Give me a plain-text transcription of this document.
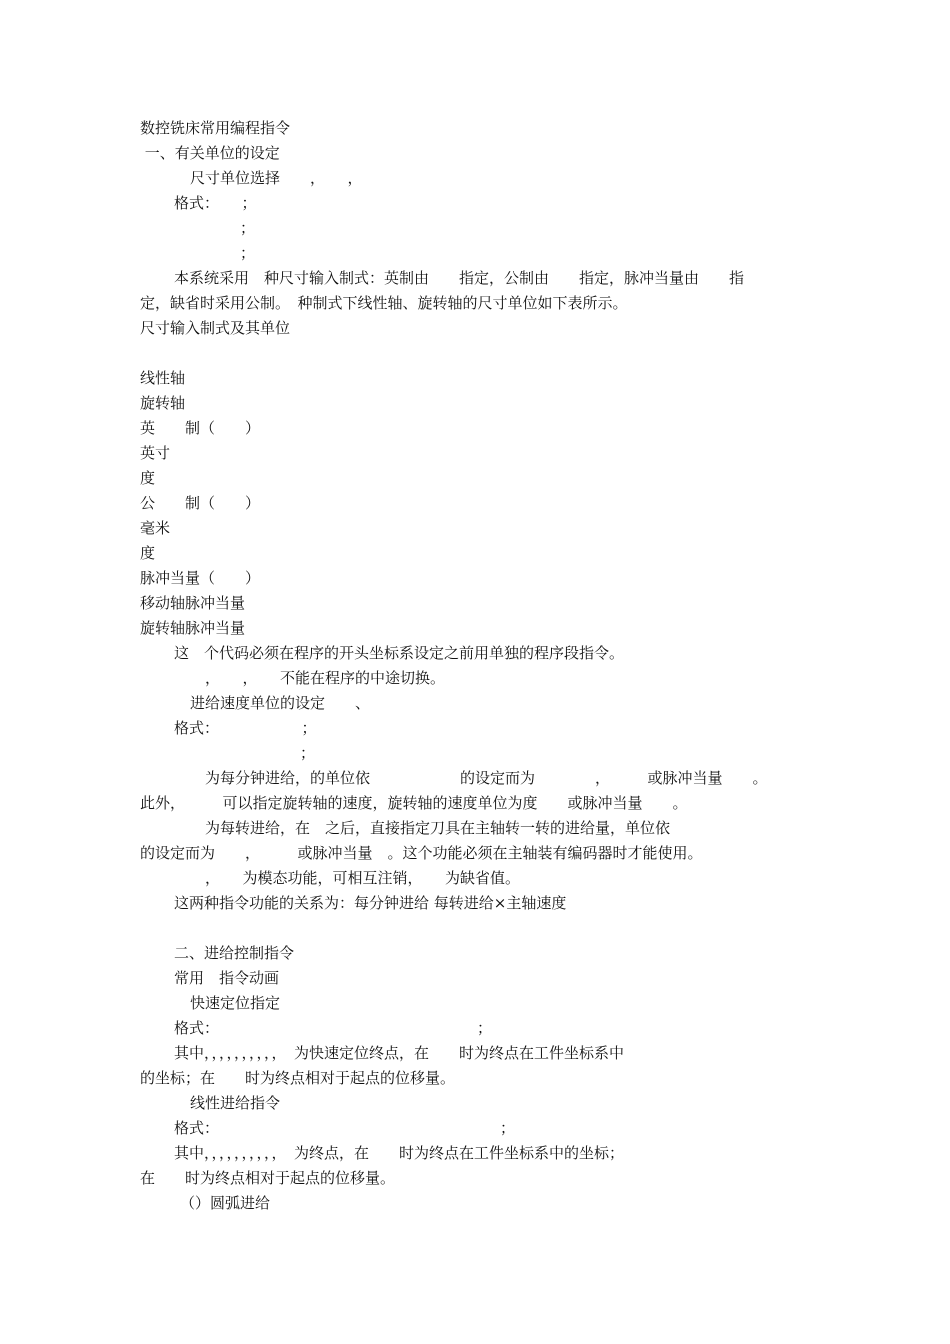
数控铣床常用编程指令
一、有关单位的设定
尺寸单位选择　　，　　，
格式：　　；
；
；
本系统采用　种尺寸输入制式：英制由　　指定，公制由　　指定，脉冲当量由　　指
定，缺省时采用公制。　种制式下线性轴、旋转轴的尺寸单位如下表所示。
尺寸输入制式及其单位
线性轴
旋转轴
英　　制（　　）
英寸
度
公　　制（　　）
毫米
度
脉冲当量（　　）
移动轴脉冲当量
旋转轴脉冲当量
这　个代码必须在程序的开头坐标系设定之前用单独的程序段指令。
，　　，　　不能在程序的中途切换。
进给速度单位的设定　　、
格式：　　　　　　；
；
为每分钟进给，的单位依　　　　　　的设定而为　　　　，　　　或脉冲当量　　。
此外，　　　可以指定旋转轴的速度，旋转轴的速度单位为度　　或脉冲当量　　。
为每转进给，在　之后，直接指定刀具在主轴转一转的进给量，单位依
的设定而为　　，　　　或脉冲当量　。这个功能必须在主轴装有编码器时才能使用。
，　　为模态功能，可相互注销，　　为缺省值。
这两种指令功能的关系为：每分钟进给 每转进给×主轴速度
二、进给控制指令
常用　指令动画
快速定位指定
格式：	；
其中，，，，，，，，，，　为快速定位终点，在　　时为终点在工件坐标系中
的坐标；在　　时为终点相对于起点的位移量。
线性进给指令
格式：	；
其中，，，，，，，，，，　为终点，在　　时为终点在工件坐标系中的坐标；
在　　时为终点相对于起点的位移量。
（）圆弧进给
